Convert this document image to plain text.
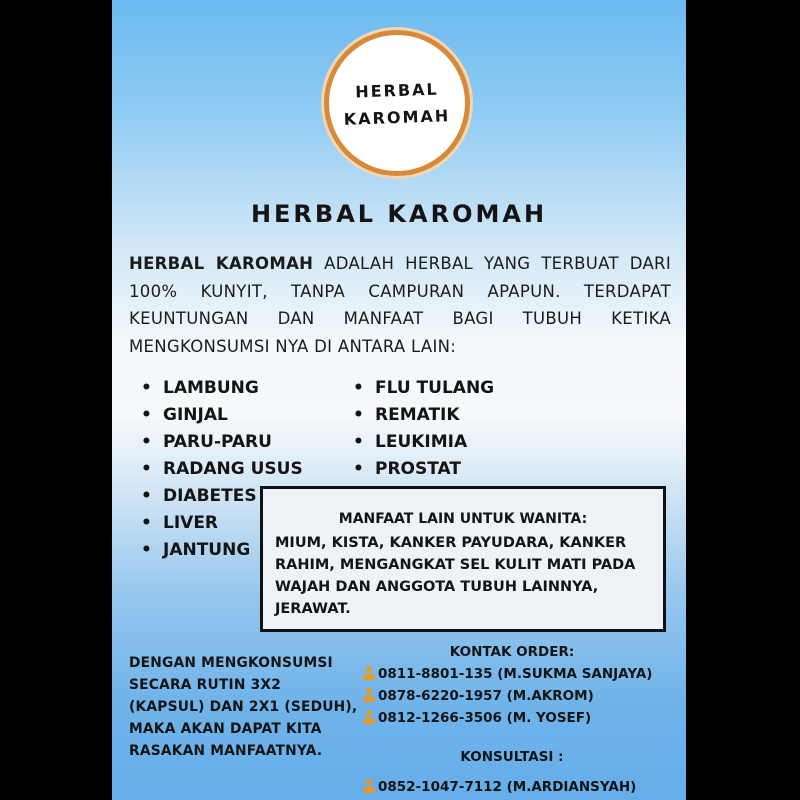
HERBAL
KAROMAH
HERBAL KAROMAH
HERBAL KAROMAH ADALAH HERBAL YANG TERBUAT DARI 100% KUNYIT, TANPA CAMPURAN APAPUN. TERDAPAT KEUNTUNGAN DAN MANFAAT BAGI TUBUH KETIKA MENGKONSUMSI NYA DI ANTARA LAIN:
• LAMBUNG
• GINJAL
• PARU-PARU
• RADANG USUS
• DIABETES
• LIVER
• JANTUNG
• FLU TULANG
• REMATIK
• LEUKIMIA
• PROSTAT
MANFAAT LAIN UNTUK WANITA:
MIUM, KISTA, KANKER PAYUDARA, KANKER RAHIM, MENGANGKAT SEL KULIT MATI PADA WAJAH DAN ANGGOTA TUBUH LAINNYA, JERAWAT.
DENGAN MENGKONSUMSI SECARA RUTIN 3X2 (KAPSUL) DAN 2X1 (SEDUH), MAKA AKAN DAPAT KITA RASAKAN MANFAATNYA.
KONTAK ORDER:
0811-8801-135 (M.SUKMA SANJAYA)
0878-6220-1957 (M.AKROM)
0812-1266-3506 (M. YOSEF)
KONSULTASI :
0852-1047-7112 (M.ARDIANSYAH)
